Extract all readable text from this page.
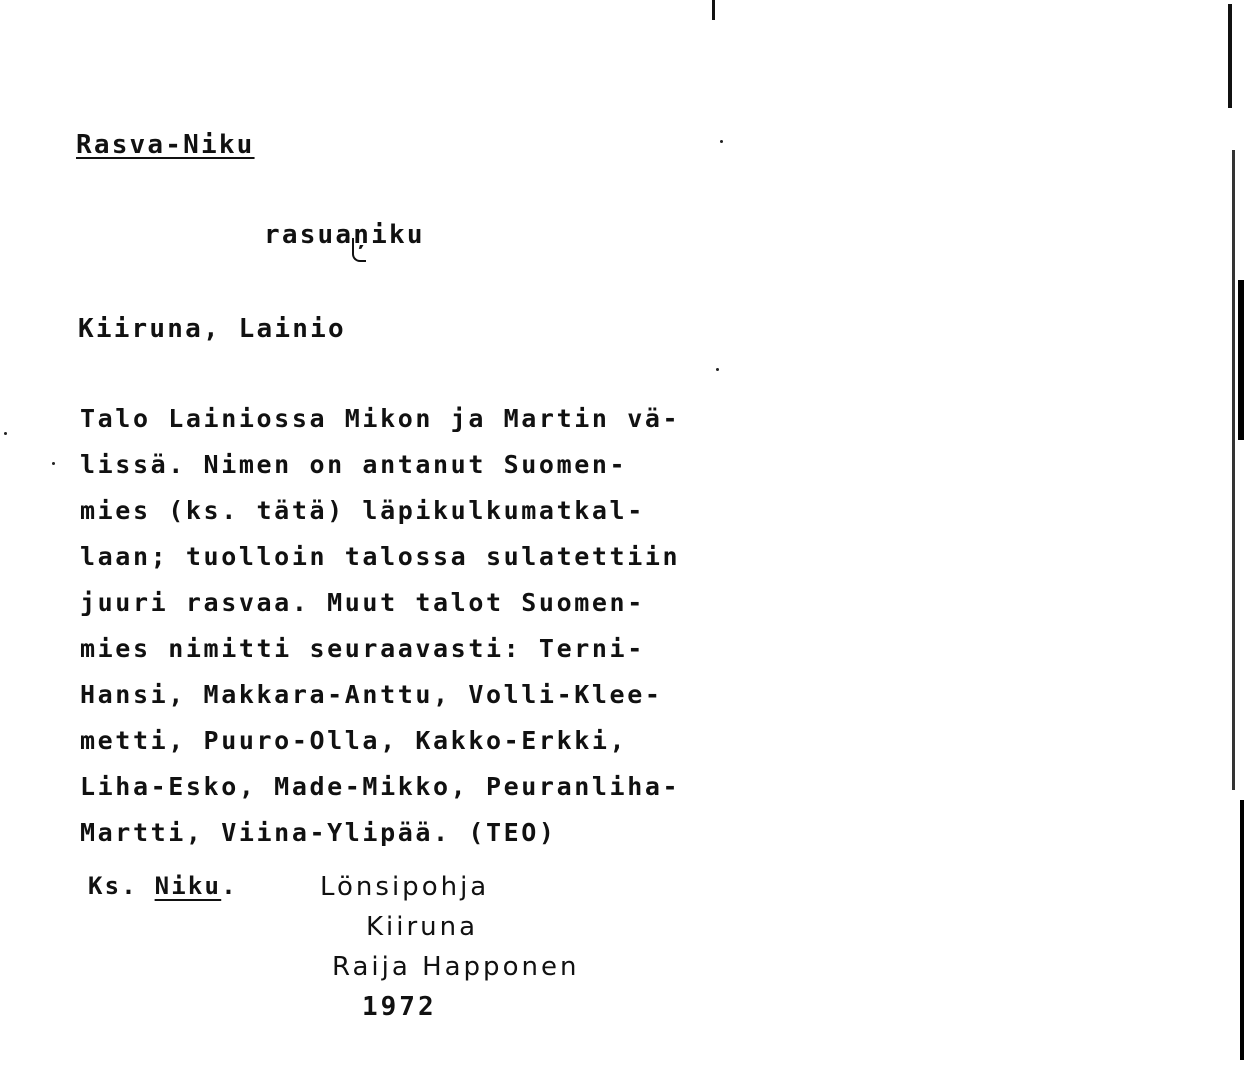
Rasva-Niku
rasuaņiku
Kiiruna, Lainio
Talo Lainiossa Mikon ja Martin vä-
lissä. Nimen on antanut Suomen-
mies (ks. tätä) läpikulkumatkal-
laan; tuolloin talossa sulatettiin
juuri rasvaa. Muut talot Suomen-
mies nimitti seuraavasti: Terni-
Hansi, Makkara-Anttu, Volli-Klee-
metti, Puuro-Olla, Kakko-Erkki,
Liha-Esko, Made-Mikko, Peuranliha-
Martti, Viina-Ylipää. (TEO)
Ks. Niku.	Lönsipohja
Kiiruna
Raija Happonen
1972
